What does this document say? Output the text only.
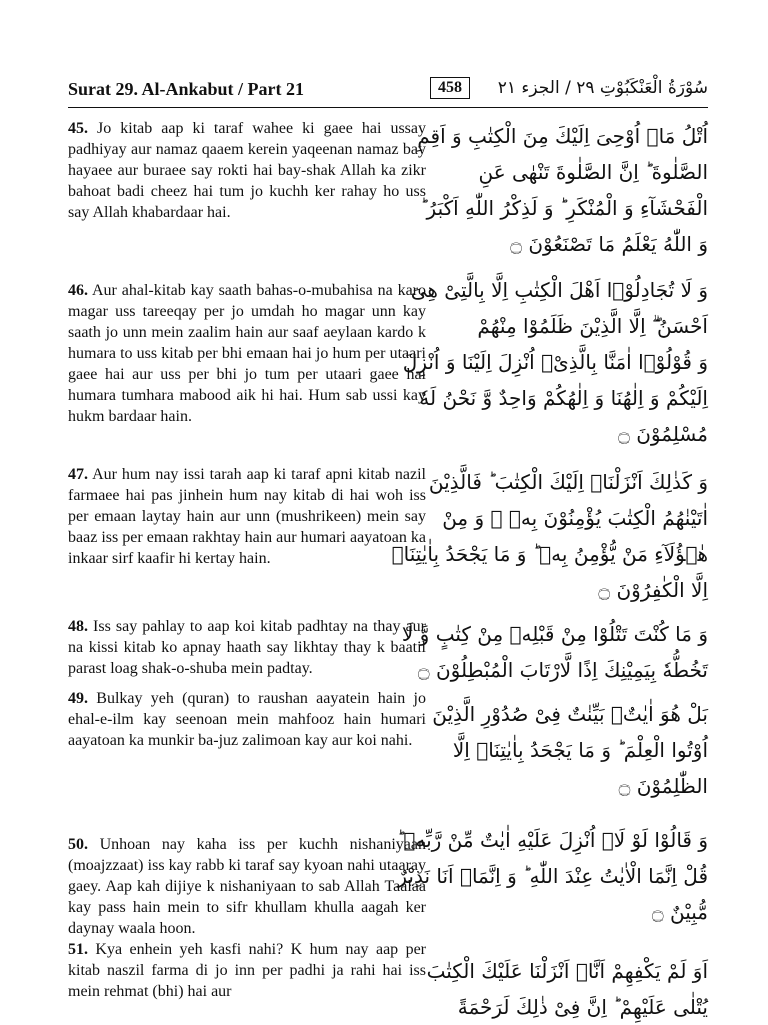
Surat 29. Al-Ankabut / Part 21	458	سُوْرَةُ الْعَنْكَبُوْتِ ۲۹ / الجزء ۲۱

45. Jo kitab aap ki taraf wahee ki gaee hai ussay padhiyay aur namaz qaaem kerein yaqeenan namaz bay hayaee aur buraee say rokti hai bay-shak Allah ka zikr bahoat badi cheez hai tum jo kuchh ker rahay ho uss say Allah khabardaar hai.

اُتْلُ مَاۤ اُوْحِیَ اِلَیْكَ مِنَ الْكِتٰبِ وَ اَقِمِ
الصَّلٰوةَ ؕ اِنَّ الصَّلٰوةَ تَنْهٰى عَنِ
الْفَحْشَآءِ وَ الْمُنْكَرِ ؕ وَ لَذِكْرُ اللّٰهِ اَكْبَرُ ؕ
وَ اللّٰهُ یَعْلَمُ مَا تَصْنَعُوْنَ ۝

46. Aur ahal-kitab kay saath bahas-o-mubahisa na karo magar uss tareeqay per jo umdah ho magar unn kay saath jo unn mein zaalim hain aur saaf aeylaan kardo k humara to uss kitab per bhi emaan hai jo hum per utaari gaee hai aur uss per bhi jo tum per utaari gaee hai humara tumhara mabood aik hi hai. Hum sab ussi kay hukm bardaar hain.

وَ لَا تُجَادِلُوْۤا اَهْلَ الْكِتٰبِ اِلَّا بِالَّتِیْ هِیَ
اَحْسَنُ ۖۗ اِلَّا الَّذِیْنَ ظَلَمُوْا مِنْهُمْ
وَ قُوْلُوْۤا اٰمَنَّا بِالَّذِیْۤ اُنْزِلَ اِلَیْنَا وَ اُنْزِلَ
اِلَیْكُمْ وَ اِلٰهُنَا وَ اِلٰهُكُمْ وَاحِدٌ وَّ نَحْنُ لَهٗ
مُسْلِمُوْنَ ۝

47. Aur hum nay issi tarah aap ki taraf apni kitab nazil farmaee hai pas jinhein hum nay kitab di hai woh iss per emaan laytay hain aur unn (mushrikeen) mein say baaz iss per emaan rakhtay hain aur humari aayatoan ka inkaar sirf kaafir hi kertay hain.

وَ كَذٰلِكَ اَنْزَلْنَاۤ اِلَیْكَ الْكِتٰبَ ؕ فَالَّذِیْنَ
اٰتَیْنٰهُمُ الْكِتٰبَ یُؤْمِنُوْنَ بِهٖ ۚ وَ مِنْ
هٰۤؤُلَآءِ مَنْ یُّؤْمِنُ بِهٖ ؕ وَ مَا یَجْحَدُ بِاٰیٰتِنَاۤ
اِلَّا الْكٰفِرُوْنَ ۝

48. Iss say pahlay to aap koi kitab padhtay na thay aur na kissi kitab ko apnay haath say likhtay thay k baatil parast loag shak-o-shuba mein padtay.

وَ مَا كُنْتَ تَتْلُوْا مِنْ قَبْلِهٖ مِنْ كِتٰبٍ وَّ لَا
تَخُطُّهٗ بِیَمِیْنِكَ اِذًا لَّارْتَابَ الْمُبْطِلُوْنَ ۝

49. Bulkay yeh (quran) to raushan aayatein hain jo ehal-e-ilm kay seenoan mein mahfooz hain humari aayatoan ka munkir ba-juz zalimoan kay aur koi nahi.

بَلْ هُوَ اٰیٰتٌۢ بَیِّنٰتٌ فِیْ صُدُوْرِ الَّذِیْنَ
اُوْتُوا الْعِلْمَ ؕ وَ مَا یَجْحَدُ بِاٰیٰتِنَاۤ اِلَّا
الظّٰلِمُوْنَ ۝

50. Unhoan nay kaha iss per kuchh nishaniyaan (moajzzaat) iss kay rabb ki taraf say kyoan nahi utaaray gaey. Aap kah dijiye k nishaniyaan to sab Allah Taalaa kay pass hain mein to sifr khullam khulla aagah ker daynay waala hoon.

وَ قَالُوْا لَوْ لَاۤ اُنْزِلَ عَلَیْهِ اٰیٰتٌ مِّنْ رَّبِّهٖ ؕ
قُلْ اِنَّمَا الْاٰیٰتُ عِنْدَ اللّٰهِ ؕ وَ اِنَّمَاۤ اَنَا نَذِیْرٌ
مُّبِیْنٌ ۝

51. Kya enhein yeh kasfi nahi? K hum nay aap per kitab naszil farma di jo inn per padhi ja rahi hai iss mein rehmat (bhi) hai aur

اَوَ لَمْ یَكْفِهِمْ اَنَّاۤ اَنْزَلْنَا عَلَیْكَ الْكِتٰبَ
یُتْلٰى عَلَیْهِمْ ؕ اِنَّ فِیْ ذٰلِكَ لَرَحْمَةً
